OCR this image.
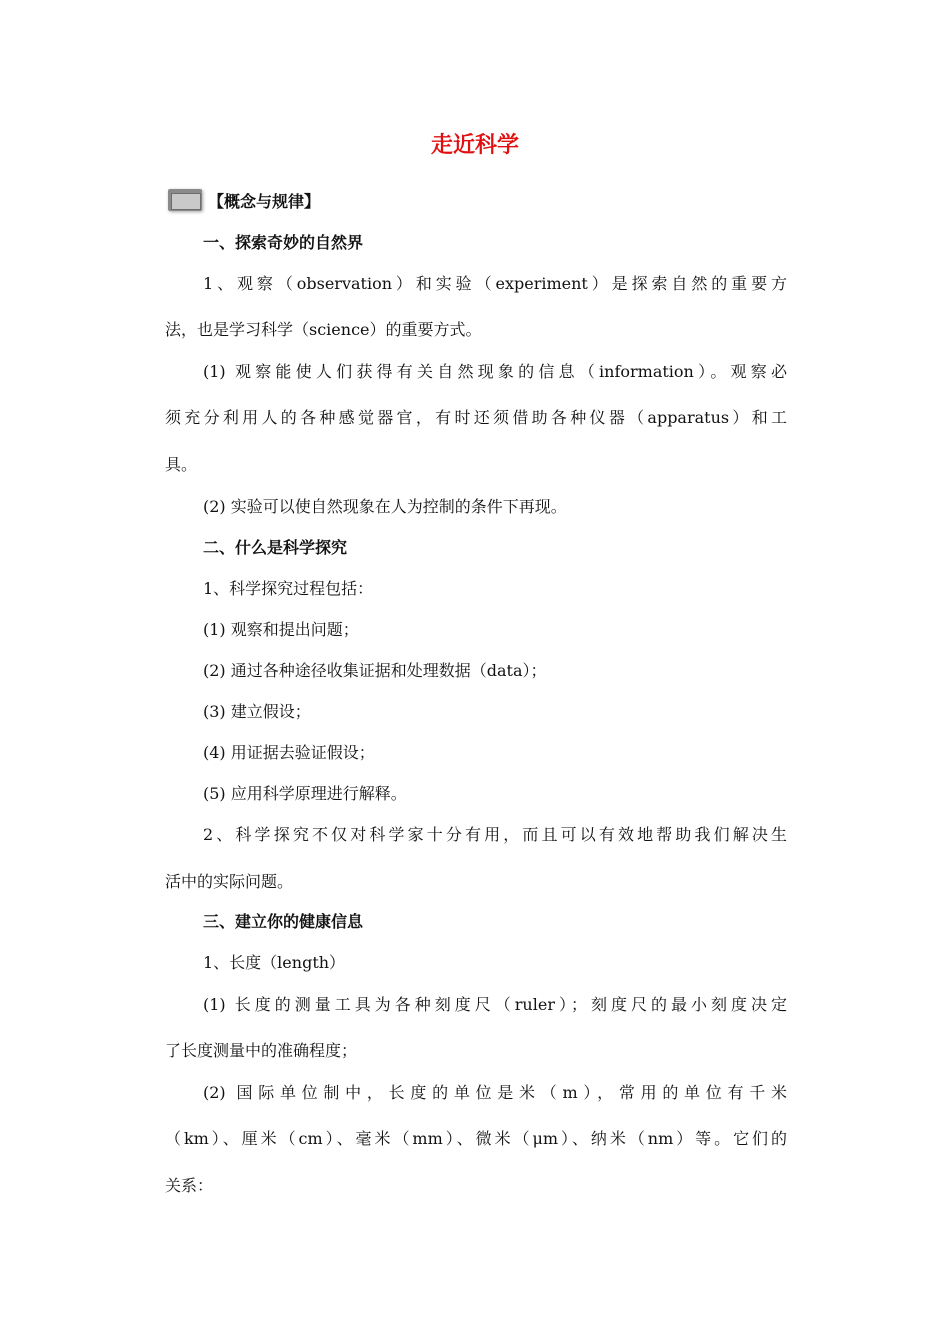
走近科学
【概念与规律】
一、探索奇妙的自然界
1、观察（observation）和实验（experiment）是探索自然的重要方
法，也是学习科学（science）的重要方式。
(1) 观察能使人们获得有关自然现象的信息（information）。观察必
须充分利用人的各种感觉器官，有时还须借助各种仪器（apparatus）和工
具。
(2) 实验可以使自然现象在人为控制的条件下再现。
二、什么是科学探究
1、科学探究过程包括：
(1) 观察和提出问题；
(2) 通过各种途径收集证据和处理数据（data）；
(3) 建立假设；
(4) 用证据去验证假设；
(5) 应用科学原理进行解释。
2、科学探究不仅对科学家十分有用，而且可以有效地帮助我们解决生
活中的实际问题。
三、建立你的健康信息
1、长度（length）
(1) 长度的测量工具为各种刻度尺（ruler）；刻度尺的最小刻度决定
了长度测量中的准确程度；
(2) 国际单位制中，长度的单位是米（m），常用的单位有千米
（km）、厘米（cm）、毫米（mm）、微米（μm）、纳米（nm）等。它们的
关系：
